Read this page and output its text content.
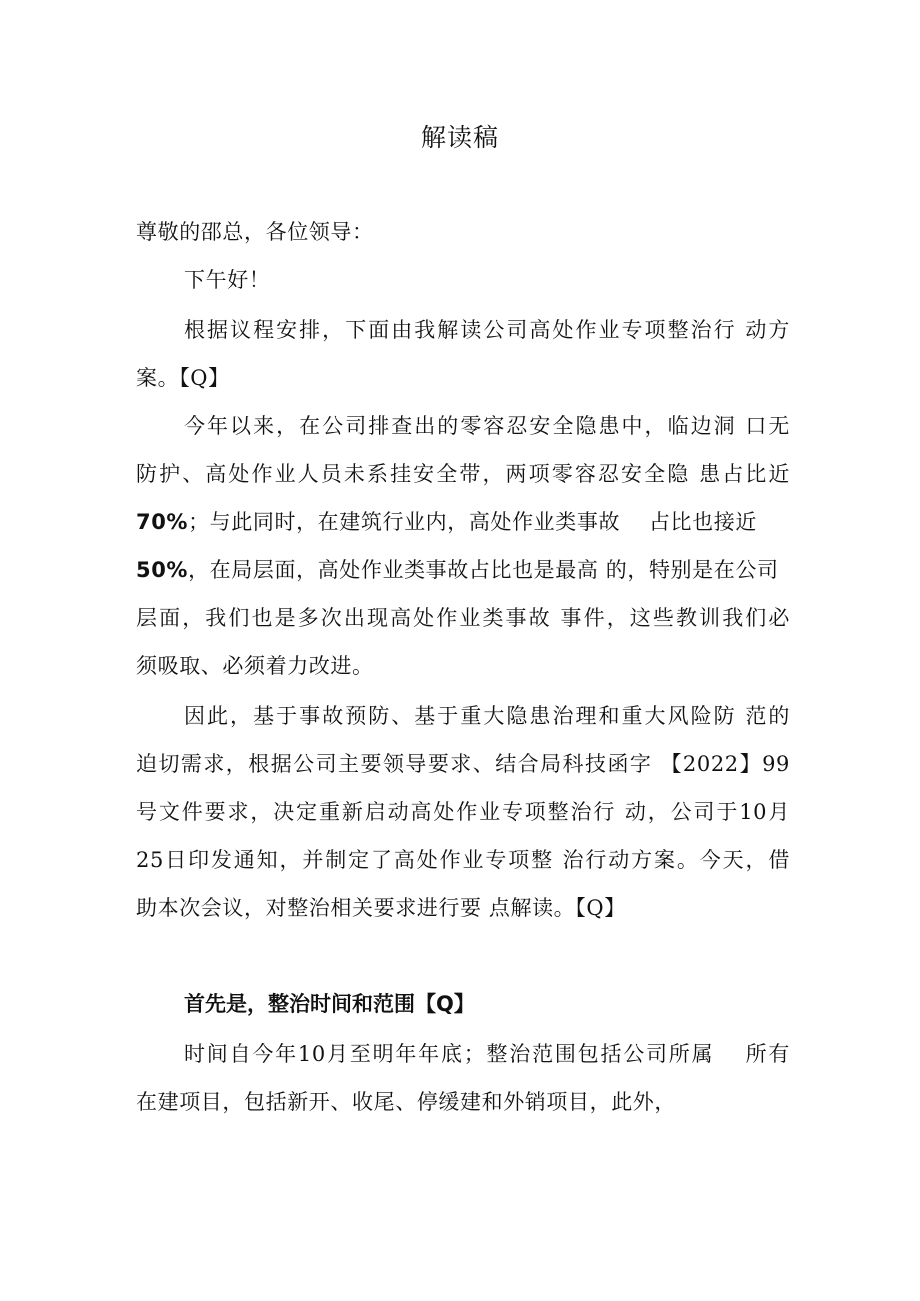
解读稿
尊敬的邵总，各位领导：
下午好！
根据议程安排，下面由我解读公司高处作业专项整治行 动方
案。【Q】
今年以来，在公司排查出的零容忍安全隐患中，临边洞 口无
防护、高处作业人员未系挂安全带，两项零容忍安全隐 患占比近
70%；与此同时，在建筑行业内，高处作业类事故　 占比也接近
50%，在局层面，高处作业类事故占比也是最高 的，特别是在公司
层面，我们也是多次出现高处作业类事故 事件，这些教训我们必
须吸取、必须着力改进。
因此，基于事故预防、基于重大隐患治理和重大风险防 范的
迫切需求，根据公司主要领导要求、结合局科技函字 【2022】99
号文件要求，决定重新启动高处作业专项整治行 动，公司于10月
25日印发通知，并制定了高处作业专项整 治行动方案。今天，借
助本次会议，对整治相关要求进行要 点解读。【Q】
首先是，整治时间和范围【Q】
时间自今年10月至明年年底；整治范围包括公司所属　 所有
在建项目，包括新开、收尾、停缓建和外销项目，此外，
